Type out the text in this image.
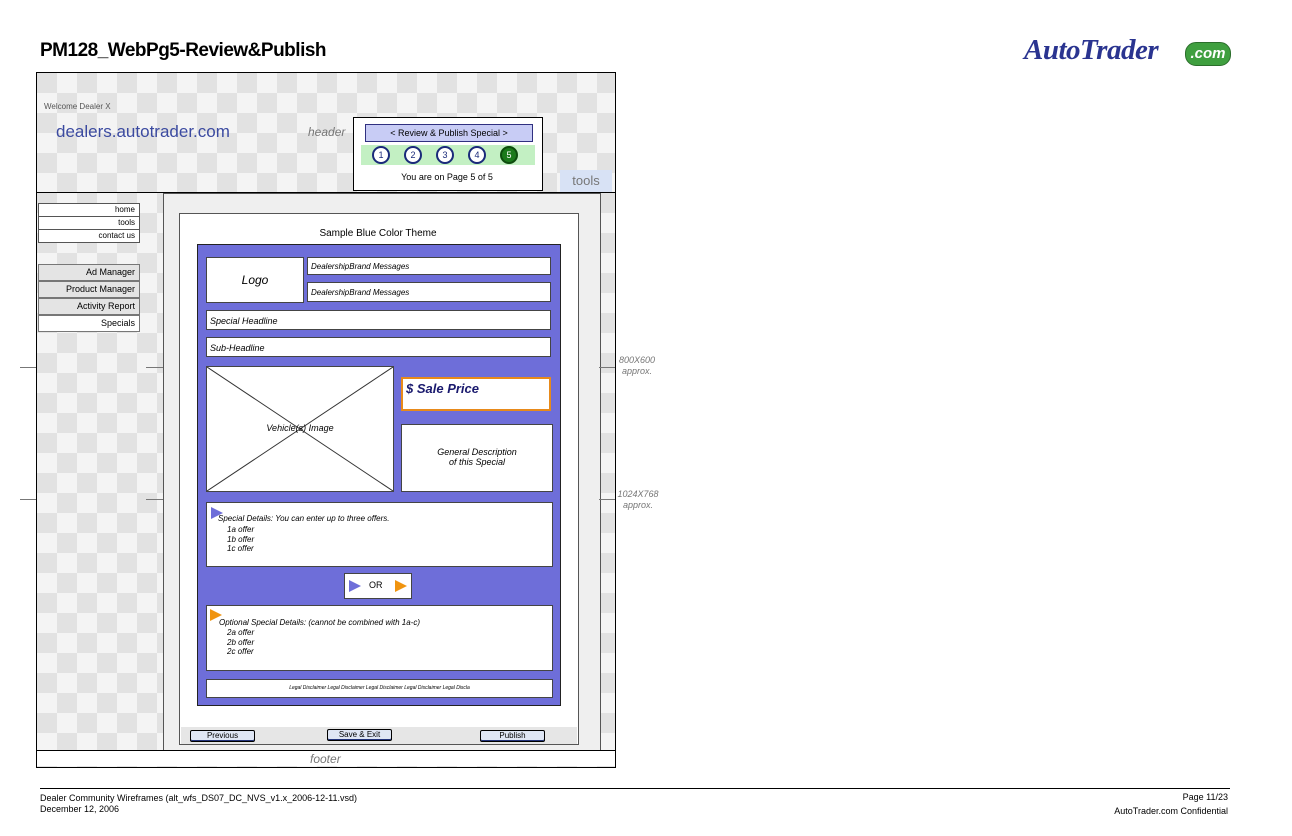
PM128_WebPg5-Review&Publish	AutoTrader	.com
Welcome Dealer X
dealers.autotrader.com	header
tools
< Review & Publish Special >
1	2	3	4	5
You are on Page 5 of 5
home
tools
contact us
Ad Manager
Product Manager
Activity Report
Specials
Sample Blue Color Theme
Logo
DealershipBrand Messages
DealershipBrand Messages
Special Headline
Sub-Headline
Vehicle(s) Image
$ Sale Price
General Description
of this Special
Special Details: You can enter up to three offers.
1a offer
1b offer
1c offer
OR
Optional Special Details: (cannot be combined with 1a-c)
2a offer
2b offer
2c offer
Legal Disclaimer Legal Disclaimer Legal Disclaimer Legal Disclaimer Legal Discla
Previous	Save & Exit	Publish
footer
800X600
approx.
1024X768
approx.
Dealer Community Wireframes (alt_wfs_DS07_DC_NVS_v1.x_2006-12-11.vsd)
December 12, 2006
Page 11/23
AutoTrader.com Confidential
